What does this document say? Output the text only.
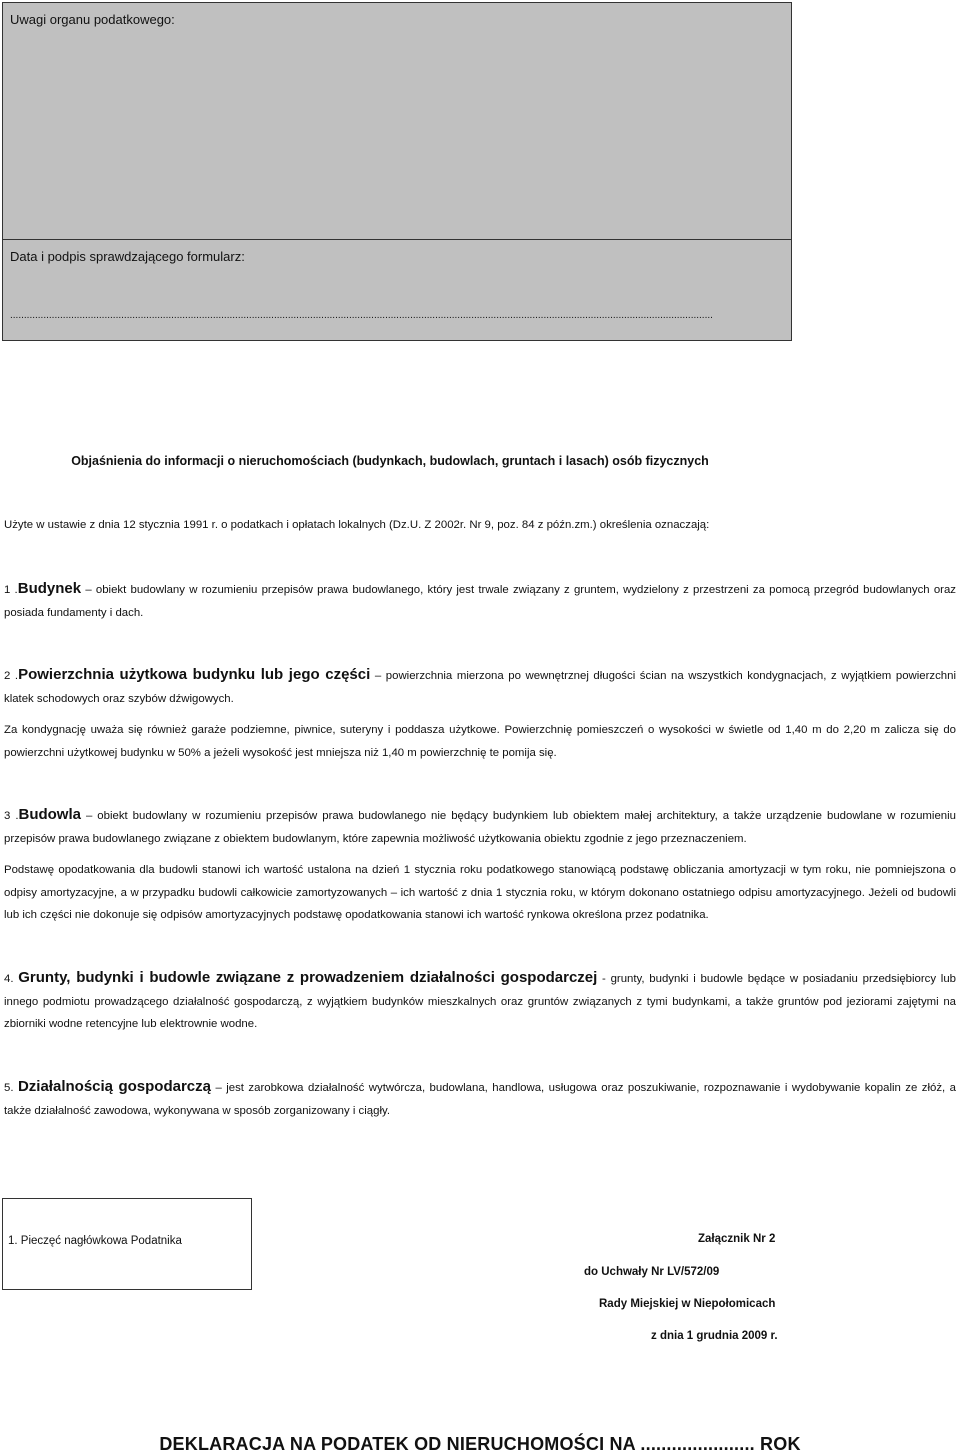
Uwagi organu podatkowego:
Data i podpis sprawdzającego formularz:
.............................................................................................................................................................................................................................................................
Objaśnienia do informacji o nieruchomościach (budynkach, budowlach, gruntach i lasach) osób fizycznych
Użyte w ustawie z dnia 12 stycznia 1991 r. o podatkach i opłatach lokalnych (Dz.U. Z 2002r. Nr 9, poz. 84 z późn.zm.) określenia oznaczają:
1 .Budynek – obiekt budowlany w rozumieniu przepisów prawa budowlanego, który jest trwale związany z gruntem, wydzielony z przestrzeni za pomocą przegród budowlanych oraz posiada fundamenty i dach.
2 .Powierzchnia użytkowa budynku lub jego części – powierzchnia mierzona po wewnętrznej długości ścian na wszystkich kondygnacjach, z wyjątkiem powierzchni klatek schodowych oraz szybów dźwigowych.
Za kondygnację uważa się również garaże podziemne, piwnice, suteryny i poddasza użytkowe. Powierzchnię pomieszczeń o wysokości w świetle od 1,40 m do 2,20 m zalicza się do powierzchni użytkowej budynku w 50% a jeżeli wysokość jest mniejsza niż 1,40 m powierzchnię te pomija się.
3 .Budowla – obiekt budowlany w rozumieniu przepisów prawa budowlanego nie będący budynkiem lub obiektem małej architektury, a także urządzenie budowlane w rozumieniu przepisów prawa budowlanego związane z obiektem budowlanym, które zapewnia możliwość użytkowania obiektu zgodnie z jego przeznaczeniem.
Podstawę opodatkowania dla budowli stanowi ich wartość ustalona na dzień 1 stycznia roku podatkowego stanowiącą podstawę obliczania amortyzacji w tym roku, nie pomniejszona o odpisy amortyzacyjne, a w przypadku budowli całkowicie zamortyzowanych – ich wartość z dnia 1 stycznia roku, w którym dokonano ostatniego odpisu amortyzacyjnego. Jeżeli od budowli lub ich części nie dokonuje się odpisów amortyzacyjnych podstawę opodatkowania stanowi ich wartość rynkowa określona przez podatnika.
4. Grunty, budynki i budowle związane z prowadzeniem działalności gospodarczej - grunty, budynki i budowle będące w posiadaniu przedsiębiorcy lub innego podmiotu prowadzącego działalność gospodarczą, z wyjątkiem budynków mieszkalnych oraz gruntów związanych z tymi budynkami, a także gruntów pod jeziorami zajętymi na zbiorniki wodne retencyjne lub elektrownie wodne.
5. Działalnością gospodarczą – jest zarobkowa działalność wytwórcza, budowlana, handlowa, usługowa oraz poszukiwanie, rozpoznawanie i wydobywanie kopalin ze złóż, a także działalność zawodowa, wykonywana w sposób zorganizowany i ciągły.
1. Pieczęć nagłówkowa Podatnika	Załącznik Nr 2
do Uchwały Nr LV/572/09
Rady Miejskiej w Niepołomicach
z dnia 1 grudnia 2009 r.
DEKLARACJA NA PODATEK OD NIERUCHOMOŚCI NA ...................... ROK
